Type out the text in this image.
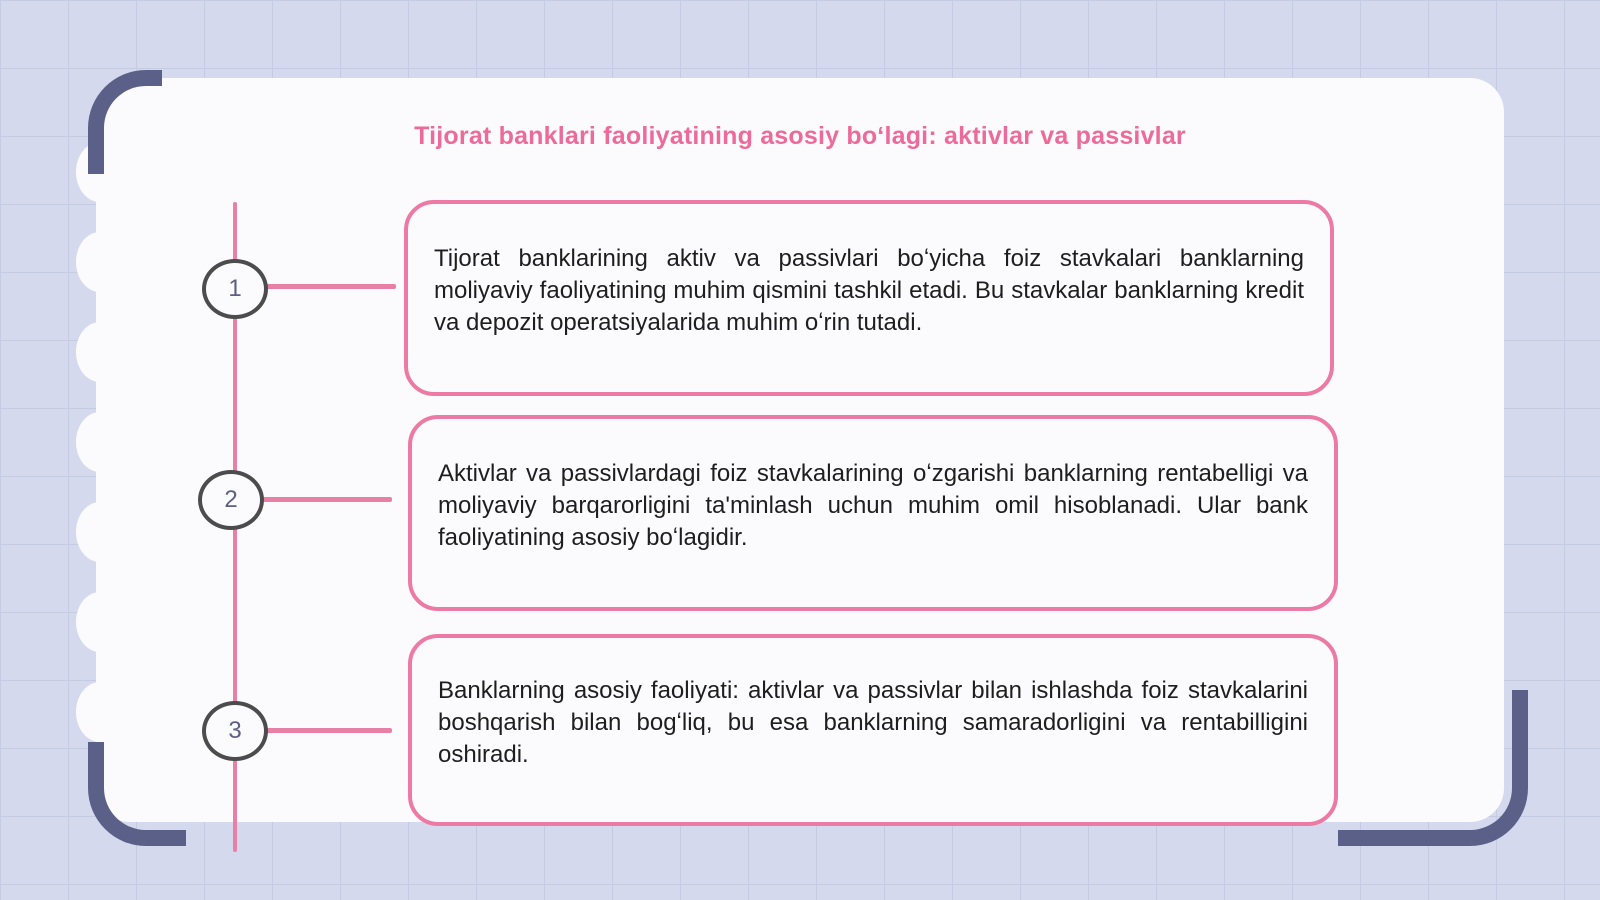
Tijorat banklari faoliyatining asosiy boʻlagi: aktivlar va passivlar
1
2
3
Tijorat banklarining aktiv va passivlari boʻyicha foiz stavkalari banklarning moliyaviy faoliyatining muhim qismini tashkil etadi. Bu stavkalar banklarning kredit va depozit operatsiyalarida muhim oʻrin tutadi.
Aktivlar va passivlardagi foiz stavkalarining oʻzgarishi banklarning rentabelligi va moliyaviy barqarorligini ta'minlash uchun muhim omil hisoblanadi. Ular bank faoliyatining asosiy boʻlagidir.
Banklarning asosiy faoliyati: aktivlar va passivlar bilan ishlashda foiz stavkalarini boshqarish bilan bogʻliq, bu esa banklarning samaradorligini va rentabilligini oshiradi.
